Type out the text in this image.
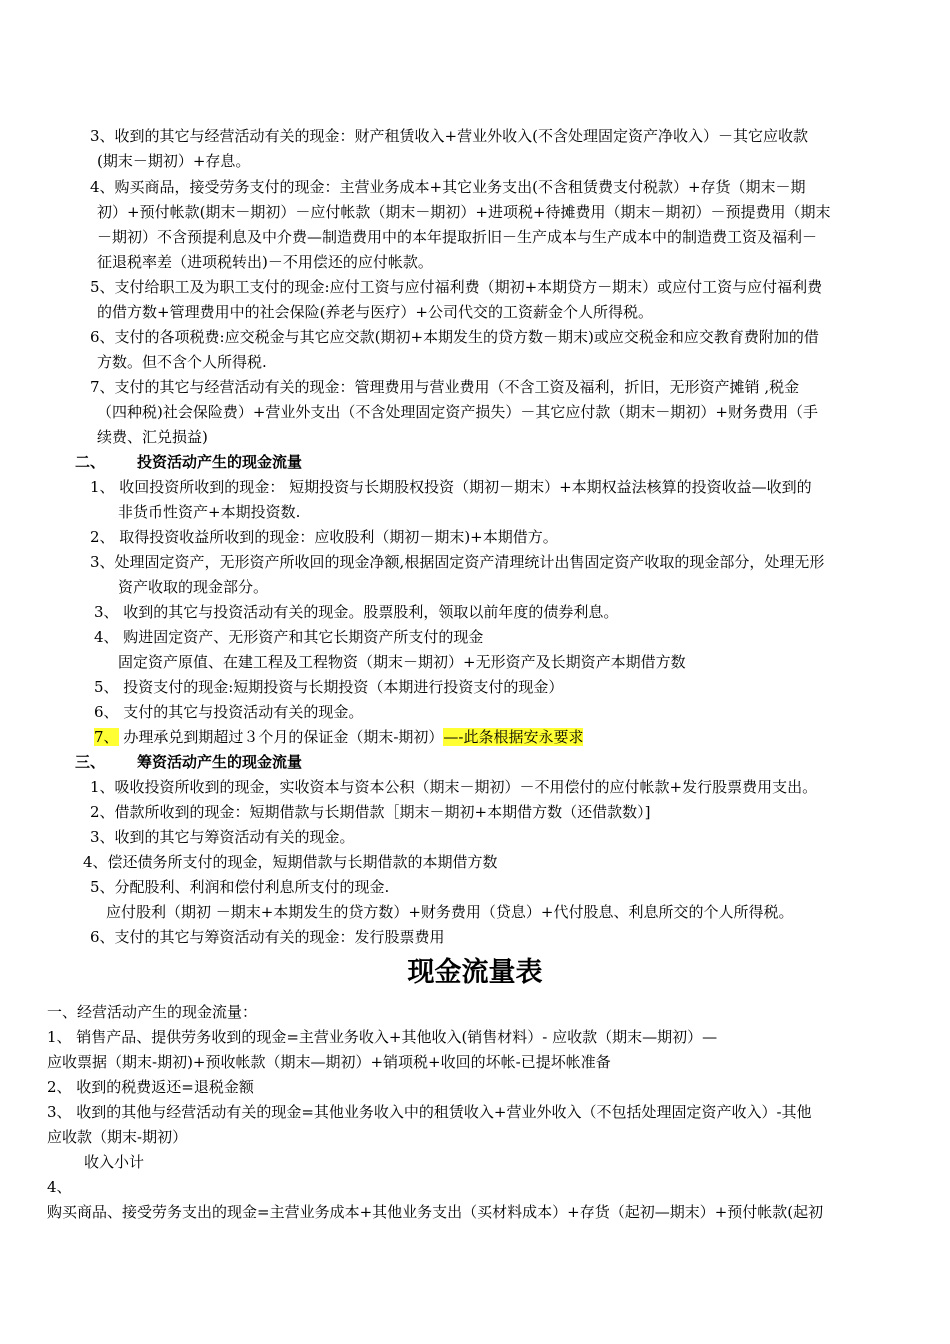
3、收到的其它与经营活动有关的现金：财产租赁收入+营业外收入(不含处理固定资产净收入）－其它应收款
(期末－期初）+存息。
4、购买商品，接受劳务支付的现金：主营业务成本+其它业务支出(不含租赁费支付税款）+存货（期末－期
初）+预付帐款(期末－期初）－应付帐款（期末－期初）+进项税+待摊费用（期末－期初）－预提费用（期末
－期初）不含预提利息及中介费—制造费用中的本年提取折旧－生产成本与生产成本中的制造费工资及福利－
征退税率差（进项税转出)－不用偿还的应付帐款。
5、支付给职工及为职工支付的现金:应付工资与应付福利费（期初+本期贷方－期末）或应付工资与应付福利费
的借方数+管理费用中的社会保险(养老与医疗）+公司代交的工资薪金个人所得税。
6、支付的各项税费:应交税金与其它应交款(期初+本期发生的贷方数－期末)或应交税金和应交教育费附加的借
方数。但不含个人所得税.
7、支付的其它与经营活动有关的现金：管理费用与营业费用（不含工资及福利，折旧，无形资产摊销 ,税金
（四种税)社会保险费）+营业外支出（不含处理固定资产损失）－其它应付款（期末－期初）+财务费用（手
续费、汇兑损益)
二、 投资活动产生的现金流量
1、 收回投资所收到的现金： 短期投资与长期股权投资（期初－期末）+本期权益法核算的投资收益—收到的
非货币性资产+本期投资数.
2、 取得投资收益所收到的现金：应收股利（期初－期末)+本期借方。
3、处理固定资产，无形资产所收回的现金净额,根据固定资产清理统计出售固定资产收取的现金部分，处理无形
资产收取的现金部分。
3、 收到的其它与投资活动有关的现金。股票股利，领取以前年度的债券利息。
4、 购进固定资产、无形资产和其它长期资产所支付的现金
固定资产原值、在建工程及工程物资（期末－期初）+无形资产及长期资产本期借方数
5、 投资支付的现金:短期投资与长期投资（本期进行投资支付的现金）
6、 支付的其它与投资活动有关的现金。
7、 办理承兑到期超过３个月的保证金（期末-期初）—-此条根据安永要求
三、 筹资活动产生的现金流量
1、吸收投资所收到的现金，实收资本与资本公积（期末－期初）－不用偿付的应付帐款+发行股票费用支出。
2、借款所收到的现金：短期借款与长期借款［期末－期初+本期借方数（还借款数）]
3、收到的其它与筹资活动有关的现金。
4、偿还债务所支付的现金，短期借款与长期借款的本期借方数
5、分配股利、利润和偿付利息所支付的现金.
应付股利（期初 －期末+本期发生的贷方数）+财务费用（贷息）+代付股息、利息所交的个人所得税。
6、支付的其它与筹资活动有关的现金：发行股票费用
现金流量表
一、经营活动产生的现金流量：
1、 销售产品、提供劳务收到的现金=主营业务收入+其他收入(销售材料）- 应收款（期末—期初）—
应收票据（期末-期初)+预收帐款（期末—期初）+销项税+收回的坏帐-已提坏帐准备
2、 收到的税费返还=退税金额
3、 收到的其他与经营活动有关的现金=其他业务收入中的租赁收入+营业外收入（不包括处理固定资产收入）-其他
应收款（期末-期初）
收入小计
4、
购买商品、接受劳务支出的现金=主营业务成本+其他业务支出（买材料成本）+存货（起初—期末）+预付帐款(起初
